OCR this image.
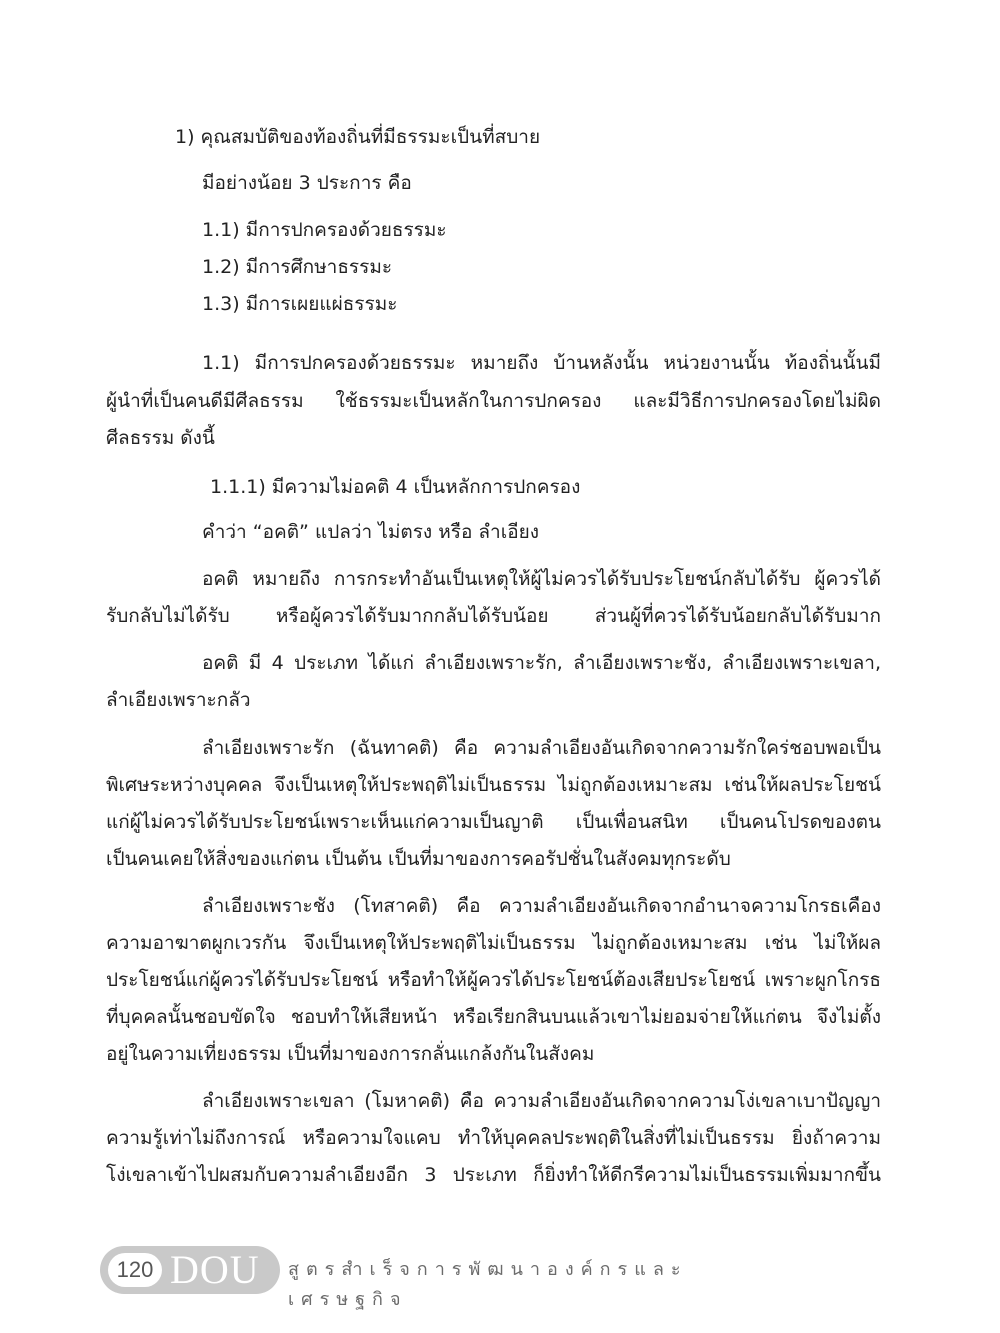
1) คุณสมบัติของท้องถิ่นที่มีธรรมะเป็นที่สบาย

มีอย่างน้อย 3 ประการ คือ

1.1) มีการปกครองด้วยธรรมะ

1.2) มีการศึกษาธรรมะ

1.3) มีการเผยแผ่ธรรมะ

1.1) มีการปกครองด้วยธรรมะ หมายถึง บ้านหลังนั้น หน่วยงานนั้น ท้องถิ่นนั้นมี

ผู้นำที่เป็นคนดีมีศีลธรรม ใช้ธรรมะเป็นหลักในการปกครอง และมีวิธีการปกครองโดยไม่ผิด

ศีลธรรม ดังนี้

1.1.1) มีความไม่อคติ 4 เป็นหลักการปกครอง

คำว่า “อคติ” แปลว่า ไม่ตรง หรือ ลำเอียง

อคติ หมายถึง การกระทำอันเป็นเหตุให้ผู้ไม่ควรได้รับประโยชน์กลับได้รับ ผู้ควรได้

รับกลับไม่ได้รับ หรือผู้ควรได้รับมากกลับได้รับน้อย ส่วนผู้ที่ควรได้รับน้อยกลับได้รับมาก

อคติ มี 4 ประเภท ได้แก่ ลำเอียงเพราะรัก, ลำเอียงเพราะชัง, ลำเอียงเพราะเขลา,

ลำเอียงเพราะกลัว

ลำเอียงเพราะรัก (ฉันทาคติ) คือ ความลำเอียงอันเกิดจากความรักใคร่ชอบพอเป็น

พิเศษระหว่างบุคคล จึงเป็นเหตุให้ประพฤติไม่เป็นธรรม ไม่ถูกต้องเหมาะสม เช่นให้ผลประโยชน์

แก่ผู้ไม่ควรได้รับประโยชน์เพราะเห็นแก่ความเป็นญาติ เป็นเพื่อนสนิท เป็นคนโปรดของตน

เป็นคนเคยให้สิ่งของแก่ตน เป็นต้น เป็นที่มาของการคอรัปชั่นในสังคมทุกระดับ

ลำเอียงเพราะชัง (โทสาคติ) คือ ความลำเอียงอันเกิดจากอำนาจความโกรธเคือง

ความอาฆาตผูกเวรกัน จึงเป็นเหตุให้ประพฤติไม่เป็นธรรม ไม่ถูกต้องเหมาะสม เช่น ไม่ให้ผล

ประโยชน์แก่ผู้ควรได้รับประโยชน์ หรือทำให้ผู้ควรได้ประโยชน์ต้องเสียประโยชน์ เพราะผูกโกรธ

ที่บุคคลนั้นชอบขัดใจ ชอบทำให้เสียหน้า หรือเรียกสินบนแล้วเขาไม่ยอมจ่ายให้แก่ตน จึงไม่ตั้ง

อยู่ในความเที่ยงธรรม เป็นที่มาของการกลั่นแกล้งกันในสังคม

ลำเอียงเพราะเขลา (โมหาคติ) คือ ความลำเอียงอันเกิดจากความโง่เขลาเบาปัญญา

ความรู้เท่าไม่ถึงการณ์ หรือความใจแคบ ทำให้บุคคลประพฤติในสิ่งที่ไม่เป็นธรรม ยิ่งถ้าความ

โง่เขลาเข้าไปผสมกับความลำเอียงอีก 3 ประเภท ก็ยิ่งทำให้ดีกรีความไม่เป็นธรรมเพิ่มมากขึ้น

120 DOU สูตรสำเร็จการพัฒนาองค์กรและเศรษฐกิจ
